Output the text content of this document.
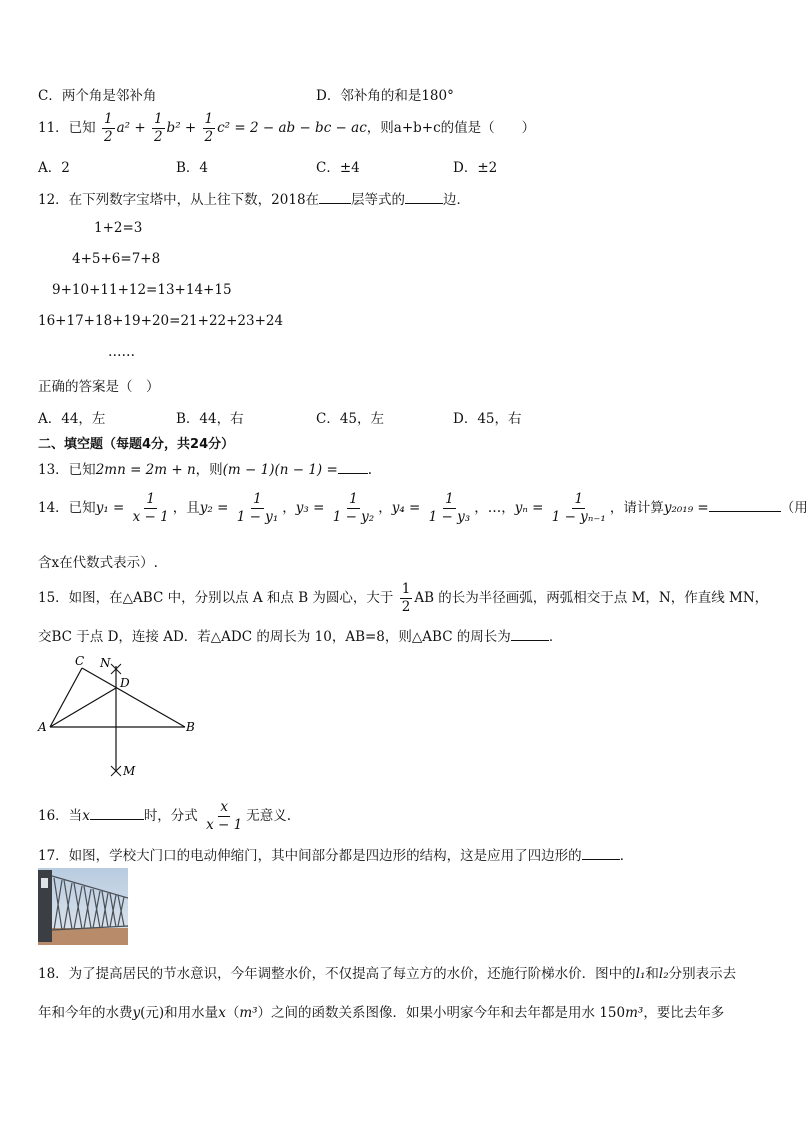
C．两个角是邻补角	D．邻补角的和是180°
11．已知 $\frac{1}{2} a^2 + \frac{1}{2} b^2 + \frac{1}{2} c^2 = 2$ − ab − bc − ac，则a+b+c的值是（　　）
A．2	B．4	C．±4	D．±2
12．在下列数字宝塔中，从上往下数，2018在 层等式的	边．
1+2=3
4+5+6=7+8
9+10+11+12=13+14+15
16+17+18+19+20=21+22+23+24
……
正确的答案是（　）
A．44，左	B．44，右	C．45，左	D．45，右
二、填空题（每题4分，共24分）
13．已知2mn = 2m + n，则(m − 1)(n − 1) = .
14．已知$y_1 = \frac{1}{x - 1}$ ，且$y_2 = \frac{1}{\text{1 − y₁}}$ ，$y_3 = \frac{1}{\text{1 − y₂}}$ ，$y_4 = \frac{1}{\text{1 − y₃}}$ ，…，$y_n = \frac{1}{\text{1 − yₙ₋₁}}$ ，请计算y₂₀₁₉ =	（用
含x在代数式表示）.
15．如图，在△ABC 中，分别以点 A 和点 B 为圆心，大于 $\frac{1}{2}$ AB 的长为半径画弧，两弧相交于点 M，N，作直线 MN，
交BC 于点 D，连接 AD．若△ADC 的周长为 10，AB=8，则△ABC 的周长为	．
A	B
C
D
N
M
16．当x	时，分式 $\frac{x}{x - 1}$ 无意义.
17．如图，学校大门口的电动伸缩门，其中间部分都是四边形的结构，这是应用了四边形的	．
18．为了提高居民的节水意识，今年调整水价，不仅提高了每立方的水价，还施行阶梯水价．图中的l₁和l₂分别表示去
年和今年的水费y(元)和用水量x（m³）之间的函数关系图像．如果小明家今年和去年都是用水 150m³，要比去年多
